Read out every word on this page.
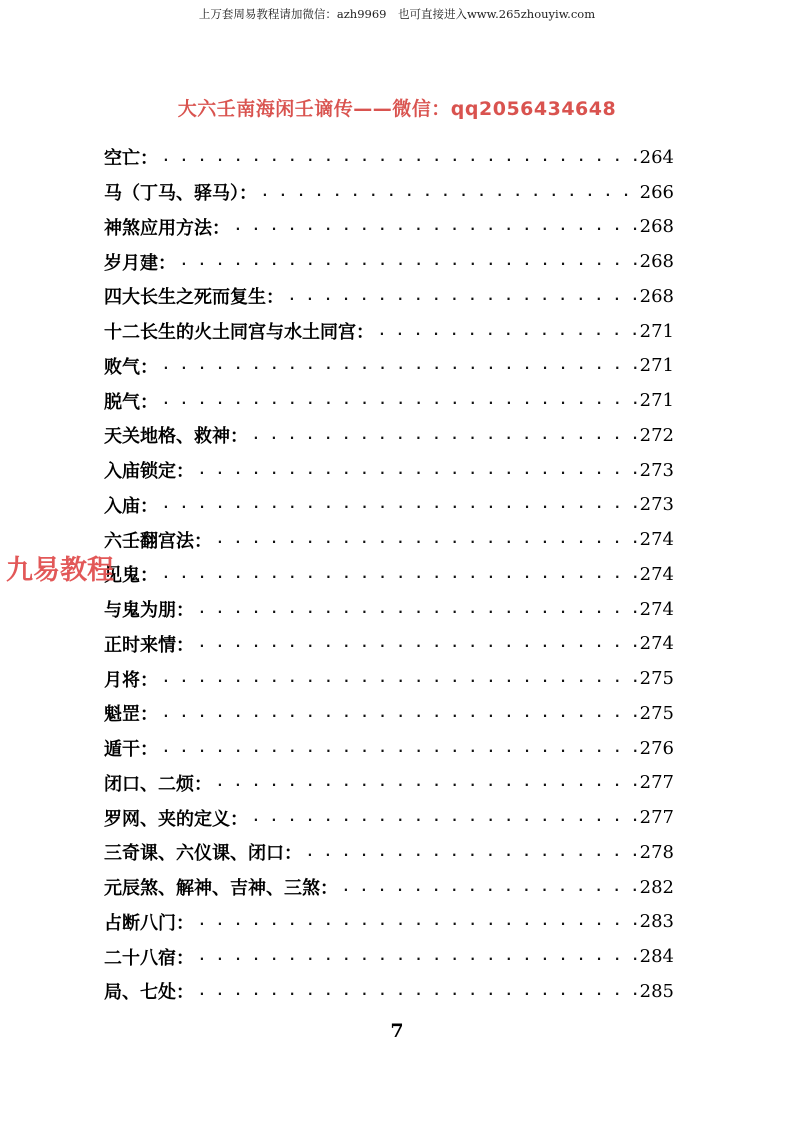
上万套周易教程请加微信：azh9969　也可直接进入www.265zhouyiw.com
大六壬南海闲壬谪传——微信：qq2056434648
空亡： . . .	264
马（丁马、驿马）： . . .	266
神煞应用方法： . . .	268
岁月建： . . .	268
四大长生之死而复生： . . .	268
十二长生的火土同宫与水土同宫： . . .	271
败气： . . .	271
脱气： . . .	271
天关地格、救神： . . .	272
入庙锁定： . . .	273
入庙： . . .	273
六壬翻宫法： . . .	274
见鬼： . . .	274
与鬼为朋： . . .	274
正时来情： . . .	274
月将： . . .	275
魁罡： . . .	275
遁干： . . .	276
闭口、二烦： . . .	277
罗网、夹的定义： . . .	277
三奇课、六仪课、闭口： . . .	278
元辰煞、解神、吉神、三煞： . . .	282
占断八门： . . .	283
二十八宿： . . .	284
局、七处： . . .	285
九易教程
7
